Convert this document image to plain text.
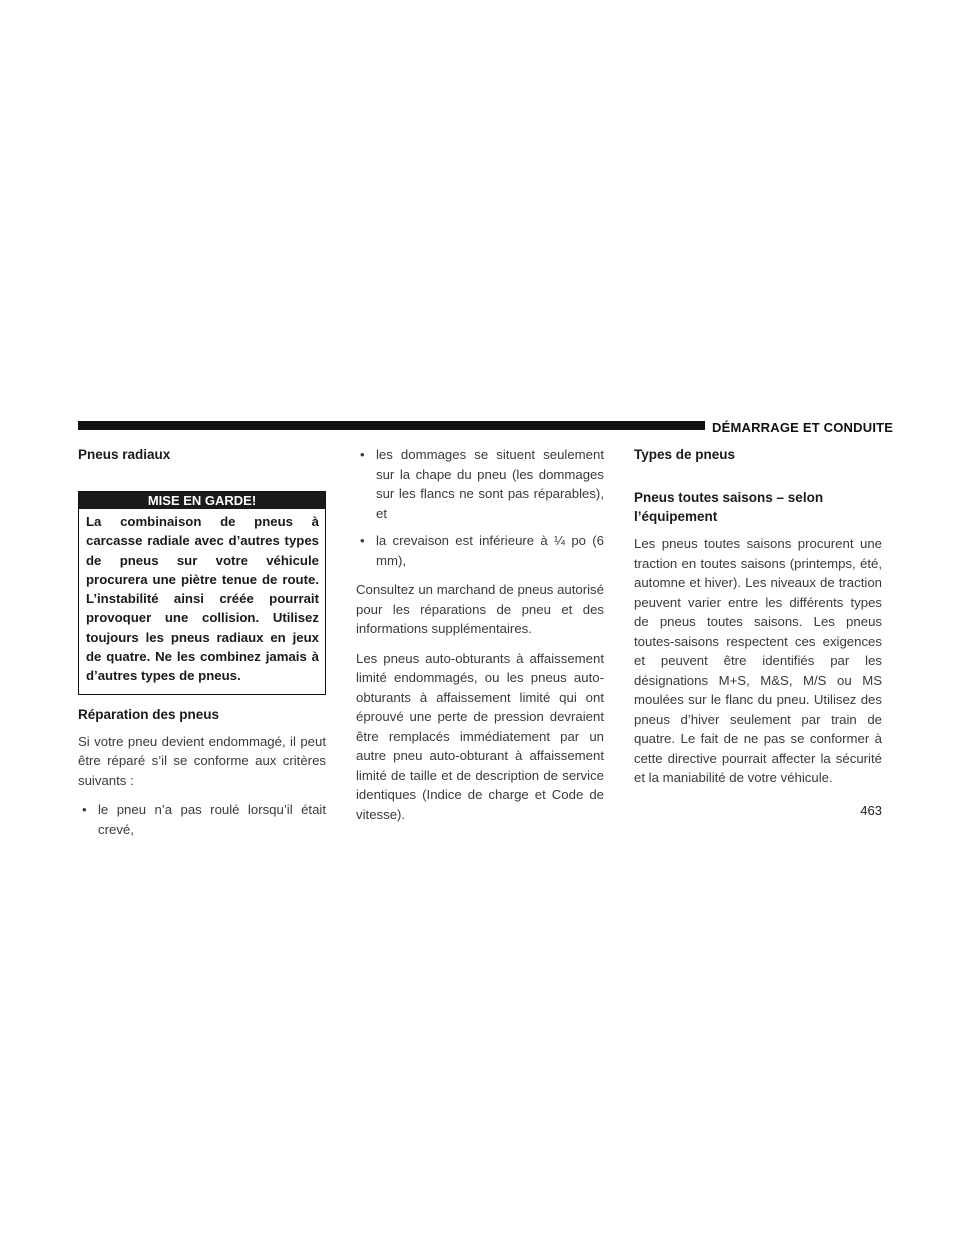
DÉMARRAGE ET CONDUITE
Pneus radiaux
MISE EN GARDE!
La combinaison de pneus à carcasse radiale avec d’autres types de pneus sur votre véhicule procurera une piètre tenue de route. L’instabilité ainsi créée pourrait provoquer une collision. Utilisez toujours les pneus radiaux en jeux de quatre. Ne les combinez jamais à d’autres types de pneus.
Réparation des pneus

Si votre pneu devient endommagé, il peut être réparé s’il se conforme aux critères suivants :

• le pneu n’a pas roulé lorsqu’il était crevé,
• les dommages se situent seulement sur la chape du pneu (les dommages sur les flancs ne sont pas réparables), et
• la crevaison est inférieure à ¼ po (6 mm),

Consultez un marchand de pneus autorisé pour les réparations de pneu et des informations supplémentaires.

Les pneus auto-obturants à affaissement limité endommagés, ou les pneus auto-obturants à affaissement limité qui ont éprouvé une perte de pression devraient être remplacés immédiatement par un autre pneu auto-obturant à affaissement limité de taille et de description de service identiques (Indice de charge et Code de vitesse).

Types de pneus
Pneus toutes saisons – selon l’équipement

Les pneus toutes saisons procurent une traction en toutes saisons (printemps, été, automne et hiver). Les niveaux de traction peuvent varier entre les différents types de pneus toutes saisons. Les pneus toutes-saisons respectent ces exigences et peuvent être identifiés par les désignations M+S, M&S, M/S ou MS moulées sur le flanc du pneu. Utilisez des pneus d’hiver seulement par train de quatre. Le fait de ne pas se conformer à cette directive pourrait affecter la sécurité et la maniabilité de votre véhicule.

463
